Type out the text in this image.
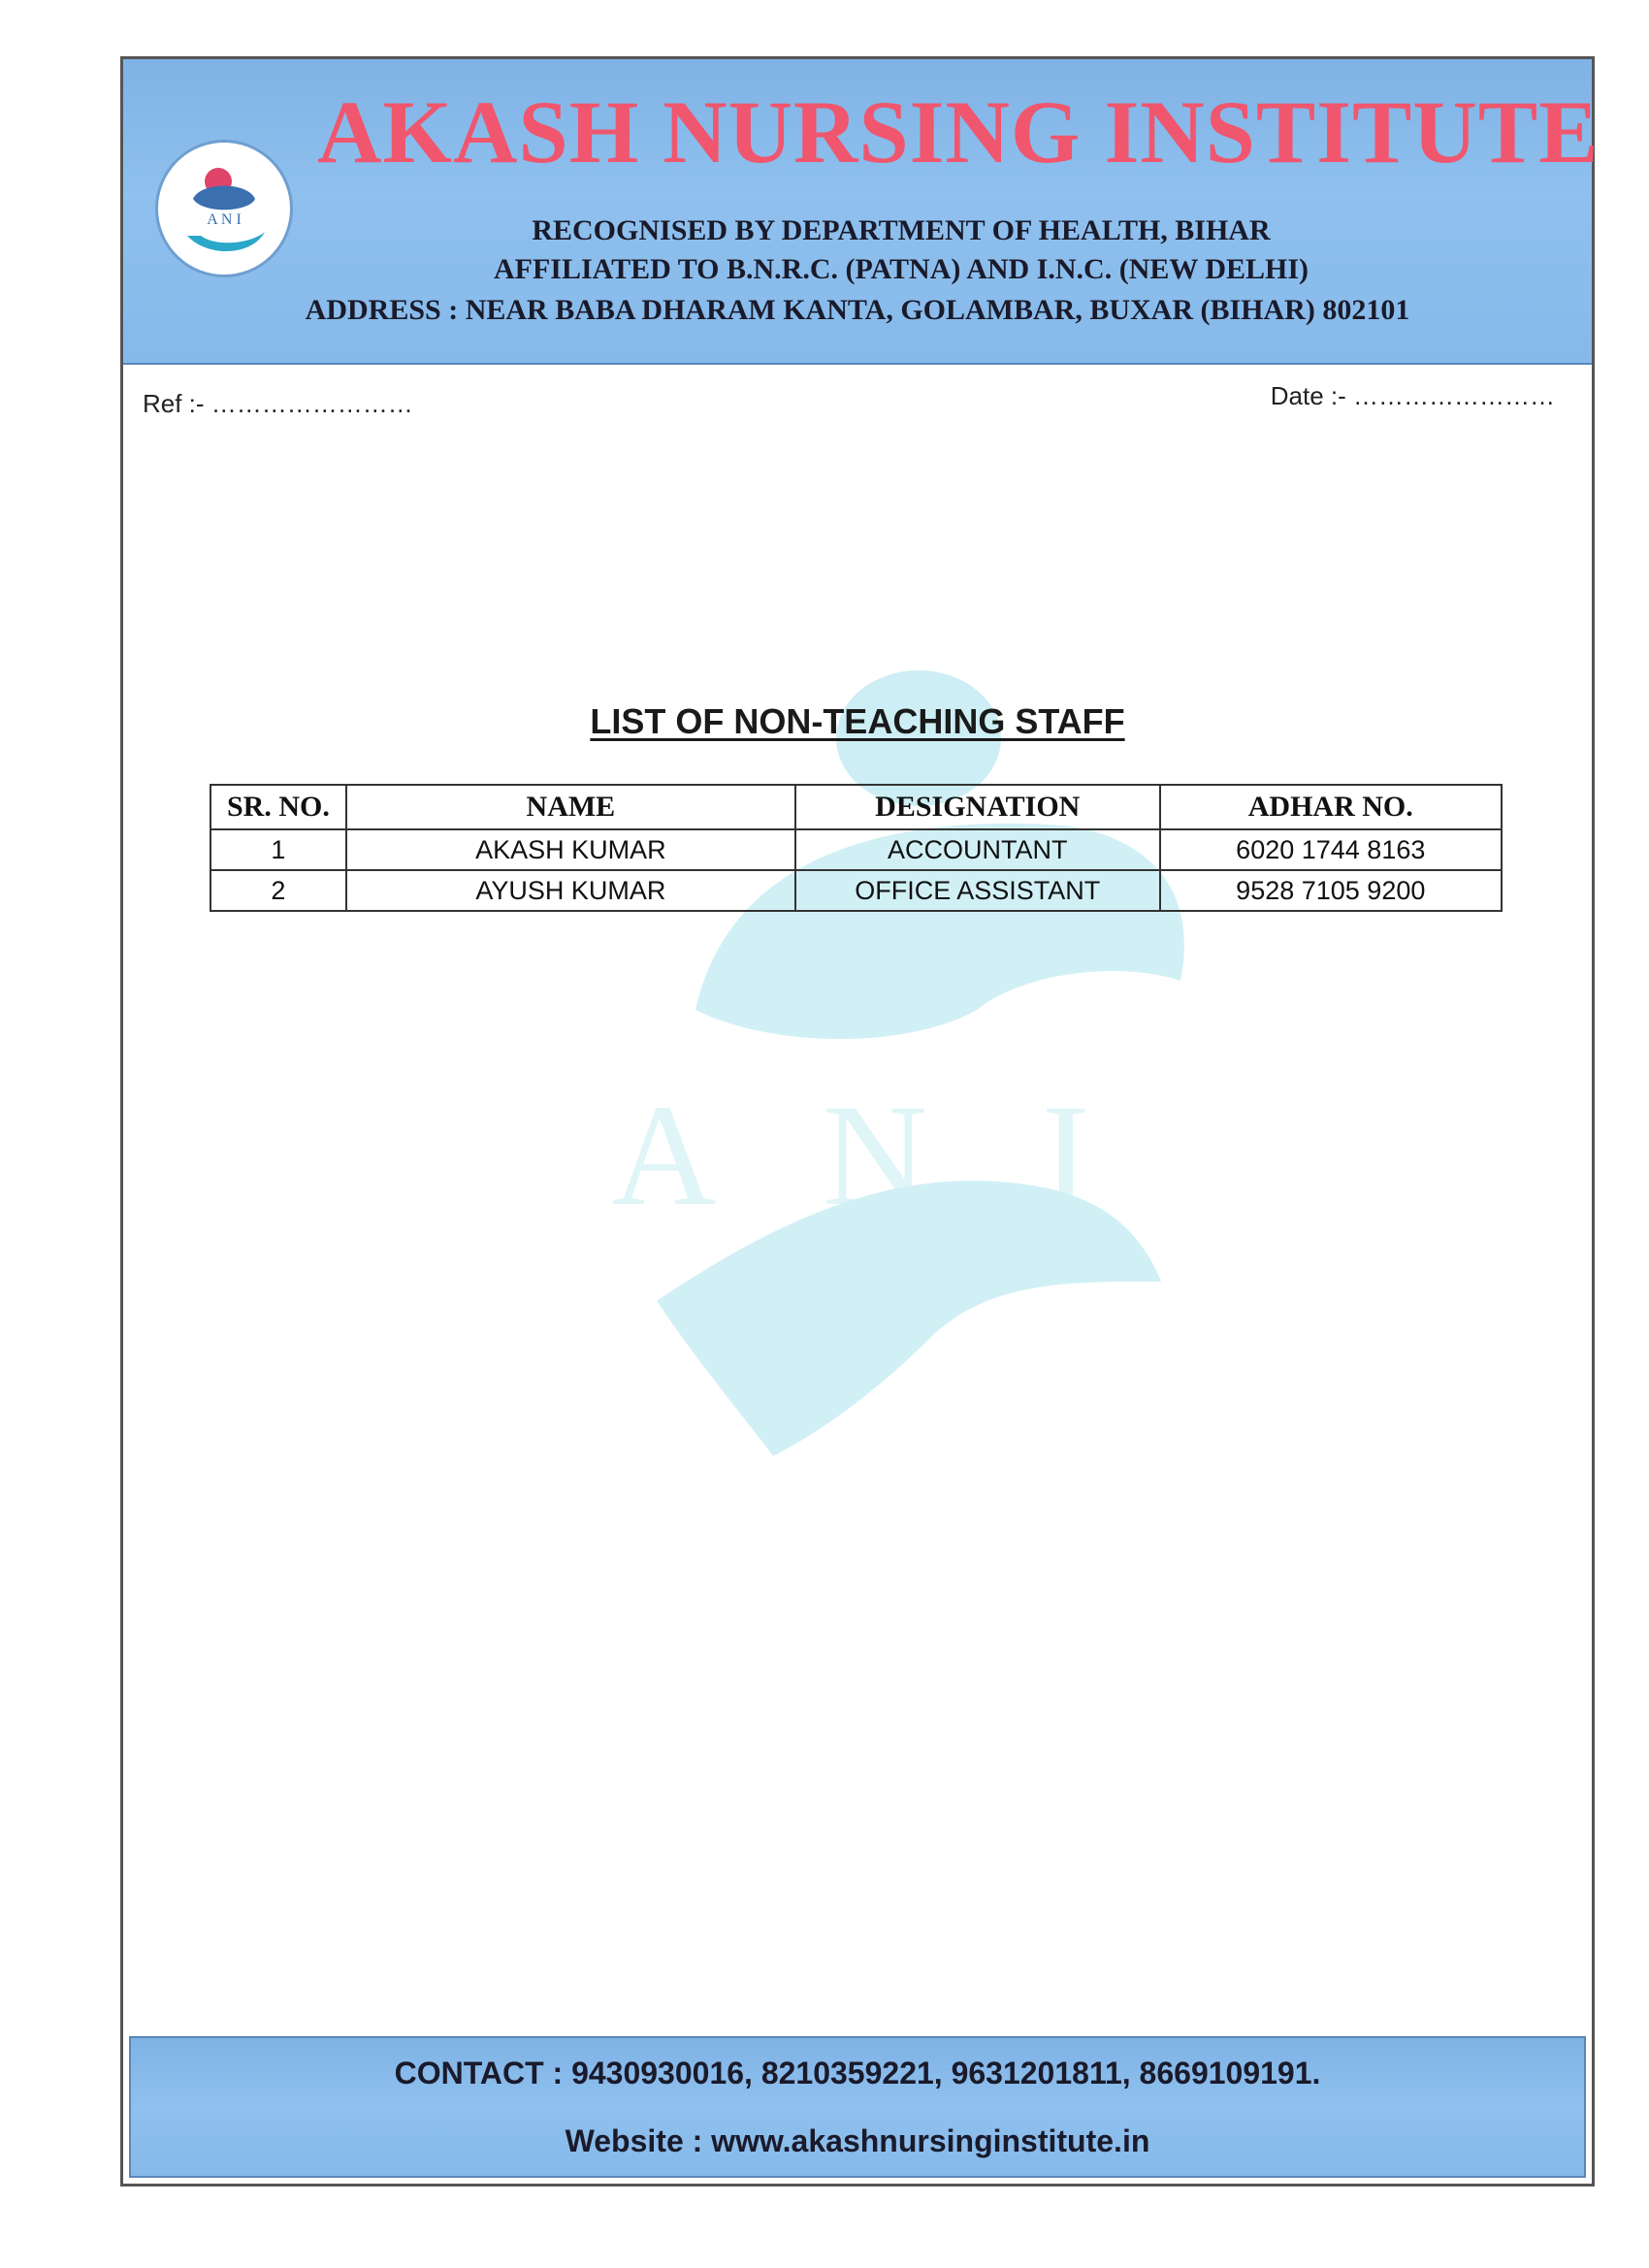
A N I
AKASH NURSING INSTITUTE
RECOGNISED BY DEPARTMENT OF HEALTH, BIHAR
AFFILIATED TO B.N.R.C. (PATNA) AND I.N.C. (NEW DELHI)
ADDRESS : NEAR BABA DHARAM KANTA, GOLAMBAR, BUXAR (BIHAR) 802101
Ref :- ……………………	Date :- ……………………
A N I
LIST OF NON-TEACHING STAFF
SR. NO.	NAME	DESIGNATION	ADHAR NO.
1	AKASH KUMAR	ACCOUNTANT	6020 1744 8163
2	AYUSH KUMAR	OFFICE ASSISTANT	9528 7105 9200
CONTACT : 9430930016, 8210359221, 9631201811, 8669109191.
Website : www.akashnursinginstitute.in
